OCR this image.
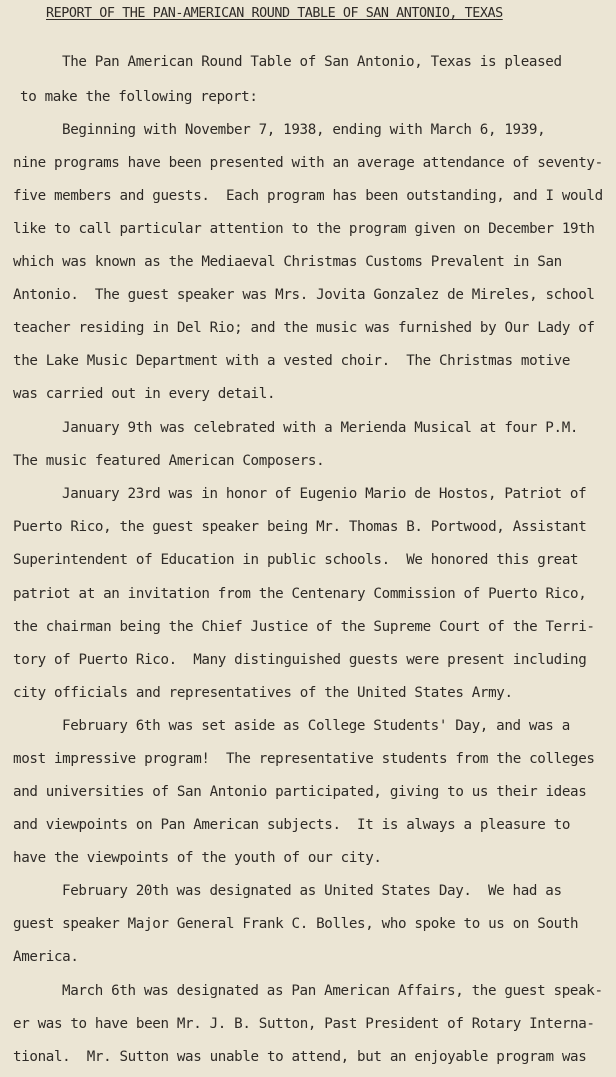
REPORT OF THE PAN-AMERICAN ROUND TABLE OF SAN ANTONIO, TEXAS
The Pan American Round Table of San Antonio, Texas is pleased
to make the following report:
Beginning with November 7, 1938, ending with March 6, 1939,
nine programs have been presented with an average attendance of seventy-
five members and guests.  Each program has been outstanding, and I would
like to call particular attention to the program given on December 19th
which was known as the Mediaeval Christmas Customs Prevalent in San
Antonio.  The guest speaker was Mrs. Jovita Gonzalez de Mireles, school
teacher residing in Del Rio; and the music was furnished by Our Lady of
the Lake Music Department with a vested choir.  The Christmas motive
was carried out in every detail.
January 9th was celebrated with a Merienda Musical at four P.M.
The music featured American Composers.
January 23rd was in honor of Eugenio Mario de Hostos, Patriot of
Puerto Rico, the guest speaker being Mr. Thomas B. Portwood, Assistant
Superintendent of Education in public schools.  We honored this great
patriot at an invitation from the Centenary Commission of Puerto Rico,
the chairman being the Chief Justice of the Supreme Court of the Terri-
tory of Puerto Rico.  Many distinguished guests were present including
city officials and representatives of the United States Army.
February 6th was set aside as College Students' Day, and was a
most impressive program!  The representative students from the colleges
and universities of San Antonio participated, giving to us their ideas
and viewpoints on Pan American subjects.  It is always a pleasure to
have the viewpoints of the youth of our city.
February 20th was designated as United States Day.  We had as
guest speaker Major General Frank C. Bolles, who spoke to us on South
America.
March 6th was designated as Pan American Affairs, the guest speak-
er was to have been Mr. J. B. Sutton, Past President of Rotary Interna-
tional.  Mr. Sutton was unable to attend, but an enjoyable program was
